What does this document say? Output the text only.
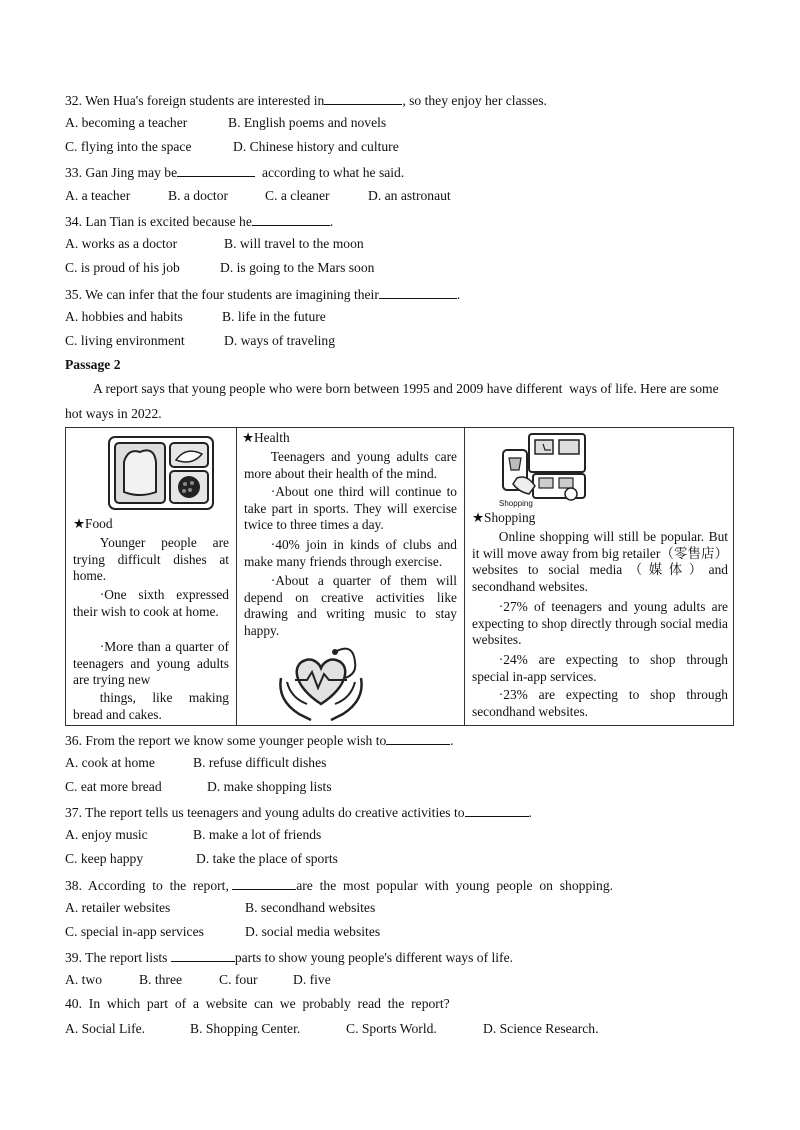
32. Wen Hua's foreign students are interested in	, so they enjoy her classes.
A. becoming a teacher	B. English poems and novels
C. flying into the space	D. Chinese history and culture
33. Gan Jing may be	according to what he said.
A. a teacher	B. a doctor	C. a cleaner	D. an astronaut
34. Lan Tian is excited because he	.
A. works as a doctor	B. will travel to the moon
C. is proud of his job	D. is going to the Mars soon
35. We can infer that the four students are imagining their	.
A. hobbies and habits	B. life in the future
C. living environment	D. ways of traveling
Passage 2
A report says that young people who were born between 1995 and 2009 have different  ways of life. Here are some
hot ways in 2022.
★Food
Younger people are trying difficult dishes at home.
·One sixth expressed their wish to cook at home.
·More than a quarter of teenagers and young adults are trying new
things, like making bread and cakes.
★Health
Teenagers and young adults care more about their health of the mind.
·About one third will continue to take part in sports. They will exercise twice to three times a day.
·40% join in kinds of clubs and make many friends through exercise.
·About a quarter of them will depend on creative activities like drawing and writing music to stay happy.
Shopping
★Shopping
Online shopping will still be popular. But it will move away from big retailer（零售店）websites to social media（媒体）and secondhand websites.
·27% of teenagers and young adults are expecting to shop directly through social media websites.
·24% are expecting to shop through special in-app services.
·23% are expecting to shop through secondhand websites.
36. From the report we know some younger people wish to	.
A. cook at home	B. refuse difficult dishes
C. eat more bread	D. make shopping lists
37. The report tells us teenagers and young adults do creative activities to	.
A. enjoy music	B. make a lot of friends
C. keep happy	D. take the place of sports
38.  According  to  the  report,	are  the  most  popular  with  young  people  on  shopping.
A. retailer websites	B. secondhand websites
C. special in-app services	D. social media websites
39. The report lists	parts to show young people's different ways of life.
A. two	B. three	C. four	D. five
40.  In  which  part  of  a  website  can  we  probably  read  the  report?
A. Social Life.	B. Shopping Center.	C. Sports World.	D. Science Research.
